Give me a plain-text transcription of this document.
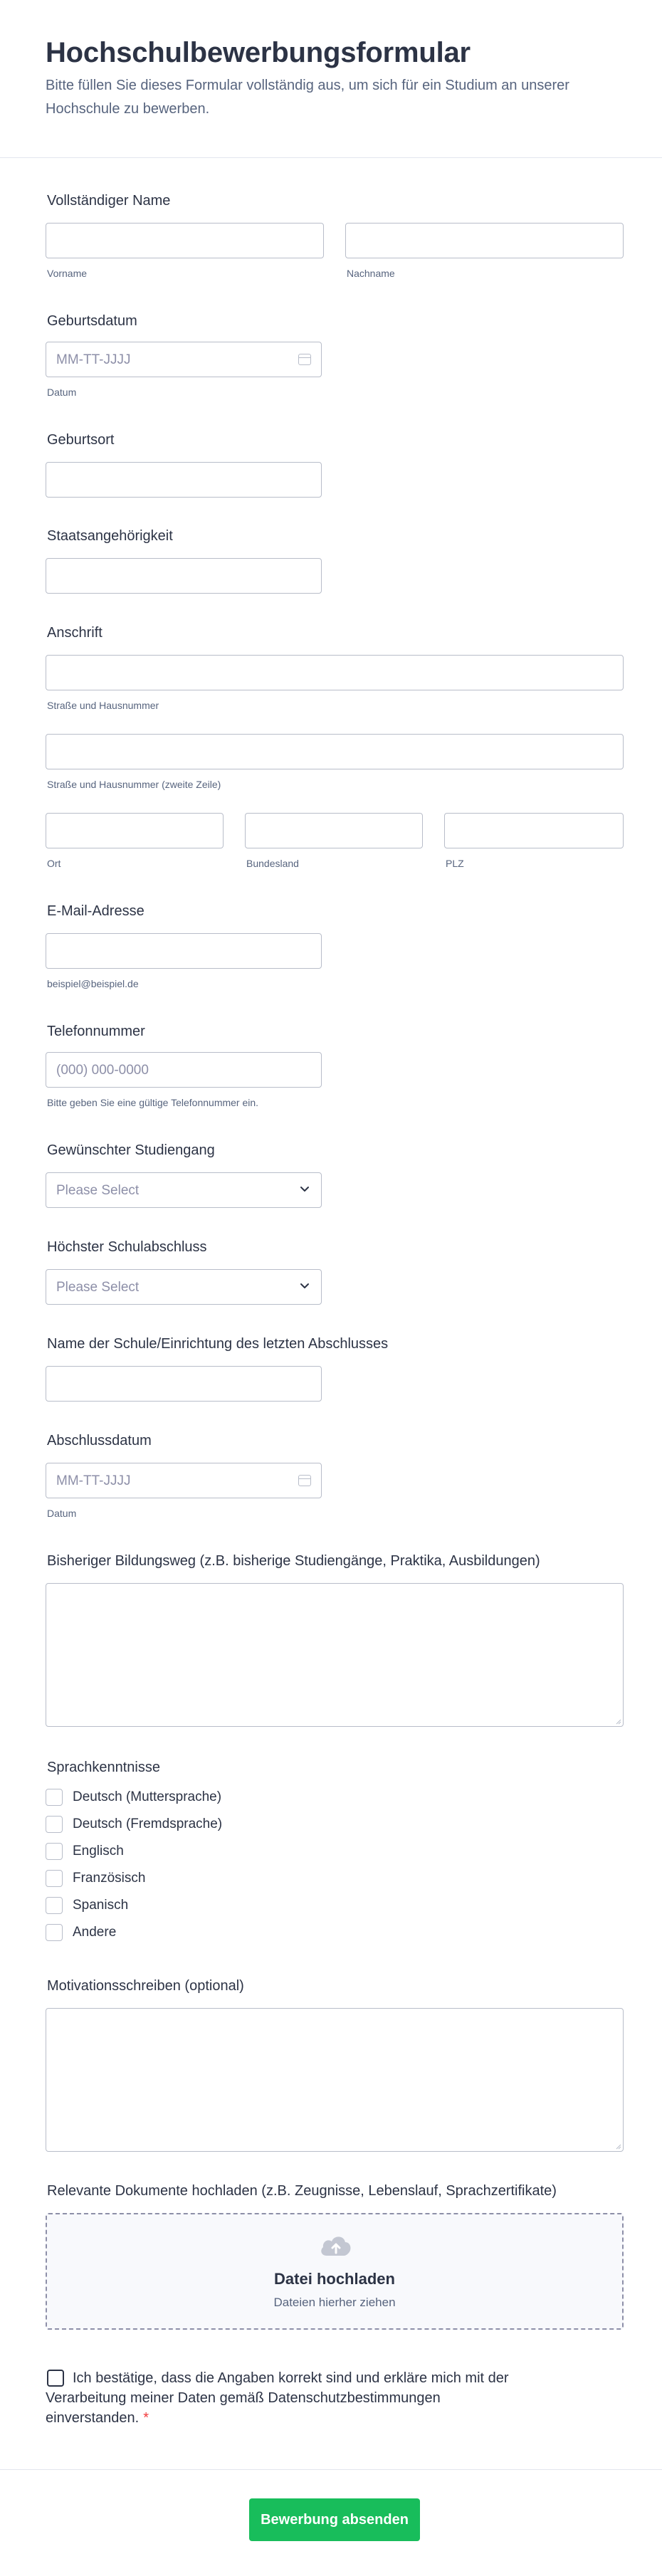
Hochschulbewerbungsformular

Bitte füllen Sie dieses Formular vollständig aus, um sich für ein Studium an unserer Hochschule zu bewerben.

Vollständiger Name
Vorname	Nachname
Geburtsdatum
MM-TT-JJJJ
Datum
Geburtsort
Staatsangehörigkeit
Anschrift
Straße und Hausnummer
Straße und Hausnummer (zweite Zeile)
Ort	Bundesland	PLZ
E-Mail-Adresse
beispiel@beispiel.de
Telefonnummer
(000) 000-0000
Bitte geben Sie eine gültige Telefonnummer ein.
Gewünschter Studiengang
Please Select
Höchster Schulabschluss
Please Select
Name der Schule/Einrichtung des letzten Abschlusses
Abschlussdatum
MM-TT-JJJJ
Datum
Bisheriger Bildungsweg (z.B. bisherige Studiengänge, Praktika, Ausbildungen)
Sprachkenntnisse
Deutsch (Muttersprache)
Deutsch (Fremdsprache)
Englisch
Französisch
Spanisch
Andere
Motivationsschreiben (optional)
Relevante Dokumente hochladen (z.B. Zeugnisse, Lebenslauf, Sprachzertifikate)
Datei hochladen
Dateien hierher ziehen
Ich bestätige, dass die Angaben korrekt sind und erkläre mich mit der Verarbeitung meiner Daten gemäß Datenschutzbestimmungen einverstanden. *
Bewerbung absenden
